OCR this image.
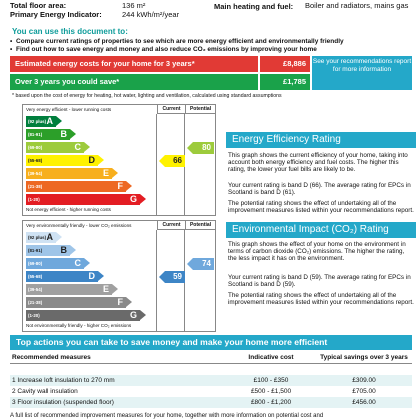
Total floor area:	136 m²
Primary Energy Indicator:	244 kWh/m²/year
Main heating and fuel: Boiler and radiators, mains gas
You can use this document to:
• Compare current ratings of properties to see which are more energy efficient and environmentally friendly
• Find out how to save energy and money and also reduce CO₂ emissions by improving your home
Estimated energy costs for your home for 3 years*	£8,886
Over 3 years you could save*	£1,785
See your recommendations report for more information
* based upon the cost of energy for heating, hot water, lighting and ventilation, calculated using standard assumptions
Very energy efficient - lower running costs	Current	Potential
(92 plus) A
(81-91) B
(69-80)	C
(55-68)	D
(39-54)	E
(21-38)	F
(1-20)	G
66
80
Not energy efficient - higher running costs
Very environmentally friendly - lower CO₂ emissions	Current	Potential
(92 plus) A
(81-91) B
(69-80)	C
(55-68)	D
(39-54)	E
(21-38)	F
(1-20)	G
59
74
Not environmentally friendly - higher CO₂ emissions
Energy Efficiency Rating
This graph shows the current efficiency of your home, taking into account both energy efficiency and fuel costs. The higher this rating, the lower your fuel bills are likely to be.
Your current rating is band D (66). The average rating for EPCs in Scotland is band D (61).
The potential rating shows the effect of undertaking all of the improvement measures listed within your recommendations report.
Environmental Impact (CO₂) Rating
This graph shows the effect of your home on the environment in terms of carbon dioxide (CO₂) emissions. The higher the rating, the less impact it has on the environment.
Your current rating is band D (59). The average rating for EPCs in Scotland is band D (59).
The potential rating shows the effect of undertaking all of the improvement measures listed within your recommendations report.
Top actions you can take to save money and make your home more efficient
Recommended measures	Indicative cost	Typical savings over 3 years
1 Increase loft insulation to 270 mm	£100 - £350	£309.00
2 Cavity wall insulation	£500 - £1,500	£705.00
3 Floor insulation (suspended floor)	£800 - £1,200	£456.00
A full list of recommended improvement measures for your home, together with more information on potential cost and
